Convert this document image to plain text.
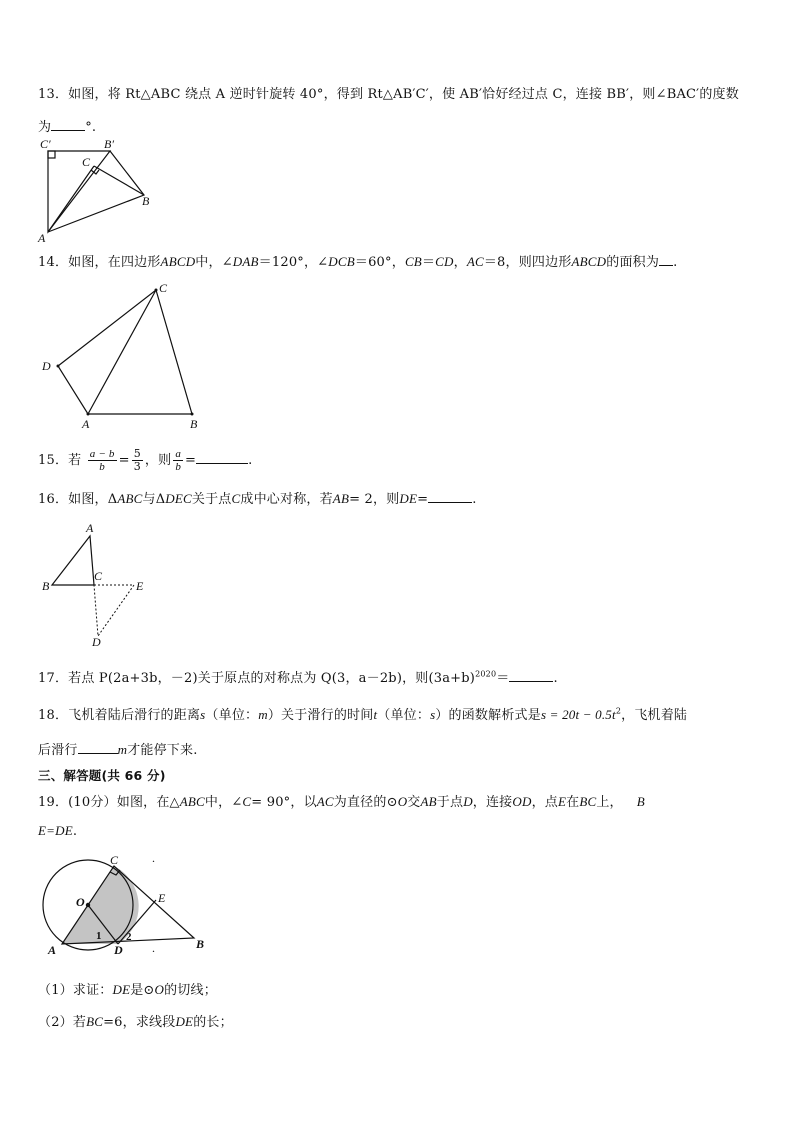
13．如图，将 Rt△ABC 绕点 A 逆时针旋转 40°，得到 Rt△AB′C′，使 AB′恰好经过点 C，连接 BB′，则∠BAC′的度数
为	°.
C′	B′
C
B
A
14．如图，在四边形ABCD中，∠DAB＝120°，∠DCB＝60°，CB＝CD，AC＝8，则四边形ABCD的面积为 .
C
D
A	B
15．若 $\frac{a - b}{b} = \frac{5}{3}$ ，则 $\frac{a}{b}$ =	.
16．如图，ΔABC与ΔDEC关于点C成中心对称，若AB= 2，则DE=	.
A
B
C
E
D
17．若点 P(2a+3b，－2)关于原点的对称点为 Q(3，a－2b)，则$(3a+b)^{2020}=$	.
18．飞机着陆后滑行的距离s（单位：m）关于滑行的时间t（单位：s）的函数解析式是$s = 20t - 0.5t^2$，飞机着陆
后滑行	m才能停下来.
三、解答题(共 66 分)
19．(10分）如图，在△ABC中，∠C= 90°，以AC为直径的⊙O交AB于点D，连接OD，点E在BC上， B
E=DE.
C	.
O	E
A
1 2
D	B
.
（1）求证：DE是⊙O的切线；
（2）若BC=6，求线段DE的长；
